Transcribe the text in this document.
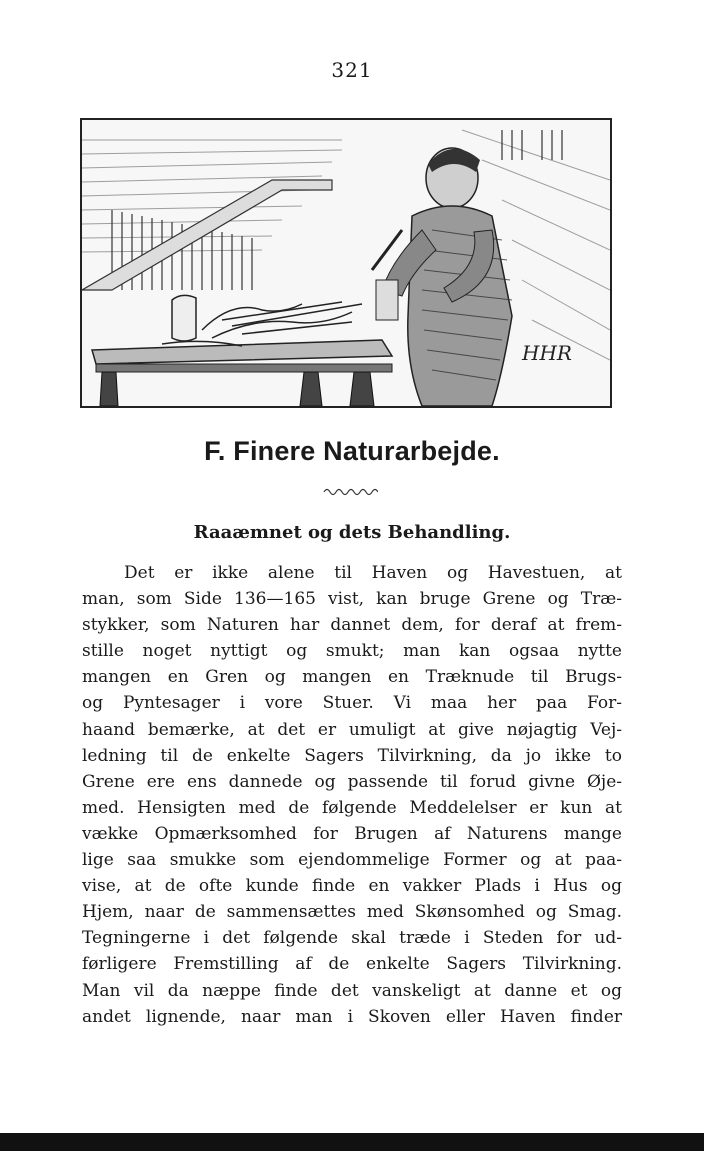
321
HHR
F. Finere Naturarbejde.
Raaæmnet og dets Behandling.
Det er ikke alene til Haven og Havestuen, at
man, som Side 136—165 vist, kan bruge Grene og Træ-
stykker, som Naturen har dannet dem, for deraf at frem-
stille noget nyttigt og smukt; man kan ogsaa nytte
mangen en Gren og mangen en Træknude til Brugs-
og Pyntesager i vore Stuer. Vi maa her paa For-
haand bemærke, at det er umuligt at give nøjagtig Vej-
ledning til de enkelte Sagers Tilvirkning, da jo ikke to
Grene ere ens dannede og passende til forud givne Øje-
med. Hensigten med de følgende Meddelelser er kun at
vække Opmærksomhed for Brugen af Naturens mange
lige saa smukke som ejendommelige Former og at paa-
vise, at de ofte kunde finde en vakker Plads i Hus og
Hjem, naar de sammensættes med Skønsomhed og Smag.
Tegningerne i det følgende skal træde i Steden for ud-
førligere Fremstilling af de enkelte Sagers Tilvirkning.
Man vil da næppe finde det vanskeligt at danne et og
andet lignende, naar man i Skoven eller Haven finder
